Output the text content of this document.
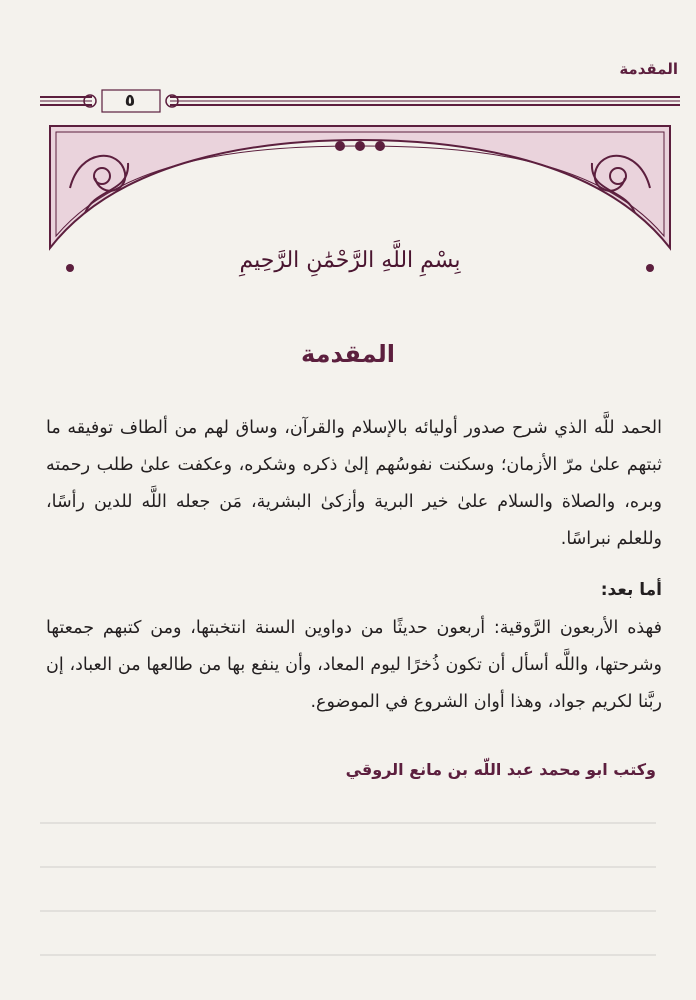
المقدمة
٥
بِسْمِ اللَّهِ الرَّحْمَٰنِ الرَّحِيمِ
المقدمة
الحمد للَّه الذي شرح صدور أوليائه بالإسلام والقرآن، وساق لهم من ألطاف توفيقه ما ثبتهم علىٰ مرّ الأزمان؛ وسكنت نفوسُهم إلىٰ ذكره وشكره، وعكفت علىٰ طلب رحمته وبره، والصلاة والسلام علىٰ خير البرية وأزكىٰ البشرية، مَن جعله اللَّه للدين رأسًا، وللعلم نبراسًا.
أما بعد:
فهذه الأربعون الرَّوقية: أربعون حديثًا من دواوين السنة انتخبتها، ومن كتبهم جمعتها وشرحتها، واللَّه أسأل أن تكون ذُخرًا ليوم المعاد، وأن ينفع بها من طالعها من العباد، إن ربَّنا لكريم جواد، وهذا أوان الشروع في الموضوع.
وكتب ابو محمد عبد اللّه بن مانع الروقي
